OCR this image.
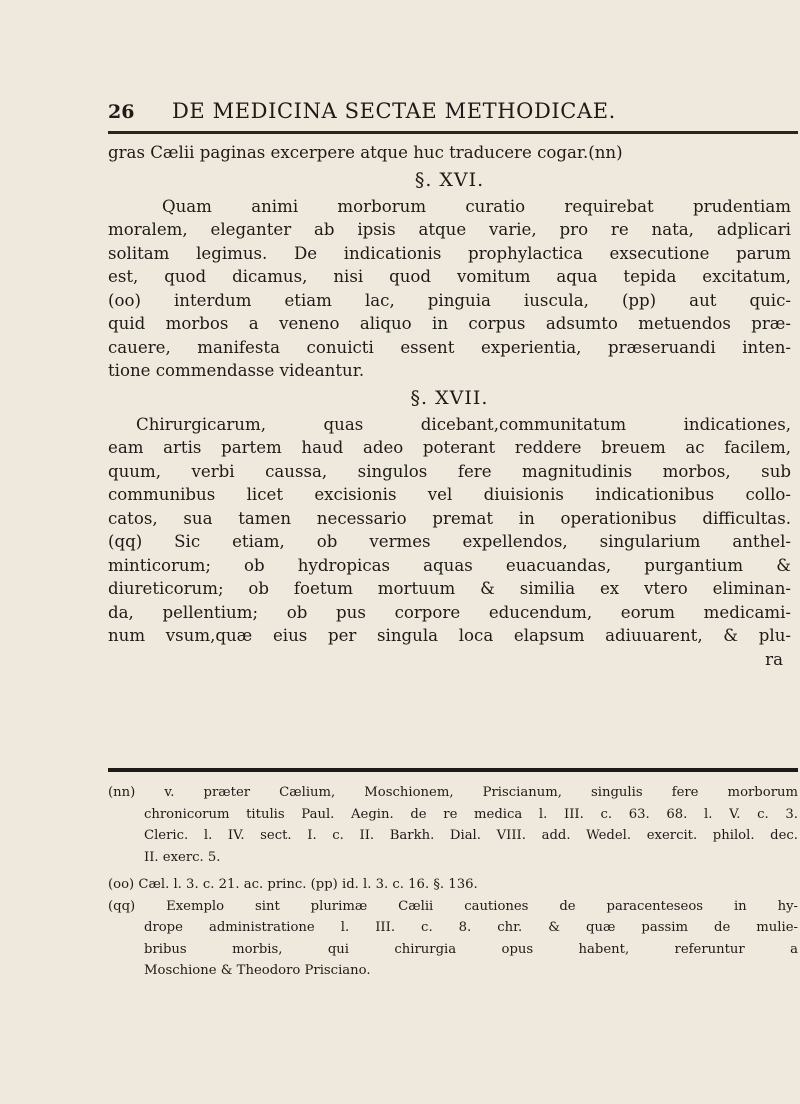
26 DE MEDICINA SECTAE METHODICAE.
gras Cælii paginas excerpere atque huc traducere cogar.(nn)
§. XVI.
Quam animi morborum curatio requirebat prudentiam
moralem, eleganter ab ipsis atque varie, pro re nata, adplicari
solitam legimus. De indicationis prophylactica exsecutione parum
est, quod dicamus, nisi quod vomitum aqua tepida excitatum,
(oo) interdum etiam lac, pinguia iuscula, (pp) aut quic-
quid morbos a veneno aliquo in corpus adsumto metuendos præ-
cauere, manifesta conuicti essent experientia, præseruandi inten-
tione commendasse videantur.
§. XVII.
Chirurgicarum, quas dicebant,communitatum indicationes,
eam artis partem haud adeo poterant reddere breuem ac facilem,
quum, verbi caussa, singulos fere magnitudinis morbos, sub
communibus licet excisionis vel diuisionis indicationibus collo-
catos, sua tamen necessario premat in operationibus difficultas.
(qq) Sic etiam, ob vermes expellendos, singularium anthel-
minticorum; ob hydropicas aquas euacuandas, purgantium &
diureticorum; ob foetum mortuum & similia ex vtero eliminan-
da, pellentium; ob pus corpore educendum, eorum medicami-
num vsum,quæ eius per singula loca elapsum adiuuarent, & plu-
ra
(nn) v. præter Cælium, Moschionem, Priscianum, singulis fere morborum
chronicorum titulis Paul. Aegin. de re medica l. III. c. 63. 68. l. V. c. 3.
Cleric. l. IV. sect. I. c. II. Barkh. Dial. VIII. add. Wedel. exercit. philol. dec.
II. exerc. 5.
(oo) Cæl. l. 3. c. 21. ac. princ. (pp) id. l. 3. c. 16. §. 136.
(qq) Exemplo sint plurimæ Cælii cautiones de paracenteseos in hy-
drope administratione l. III. c. 8. chr. & quæ passim de mulie-
bribus morbis, qui chirurgia opus habent, referuntur a
Moschione & Theodoro Prisciano.
